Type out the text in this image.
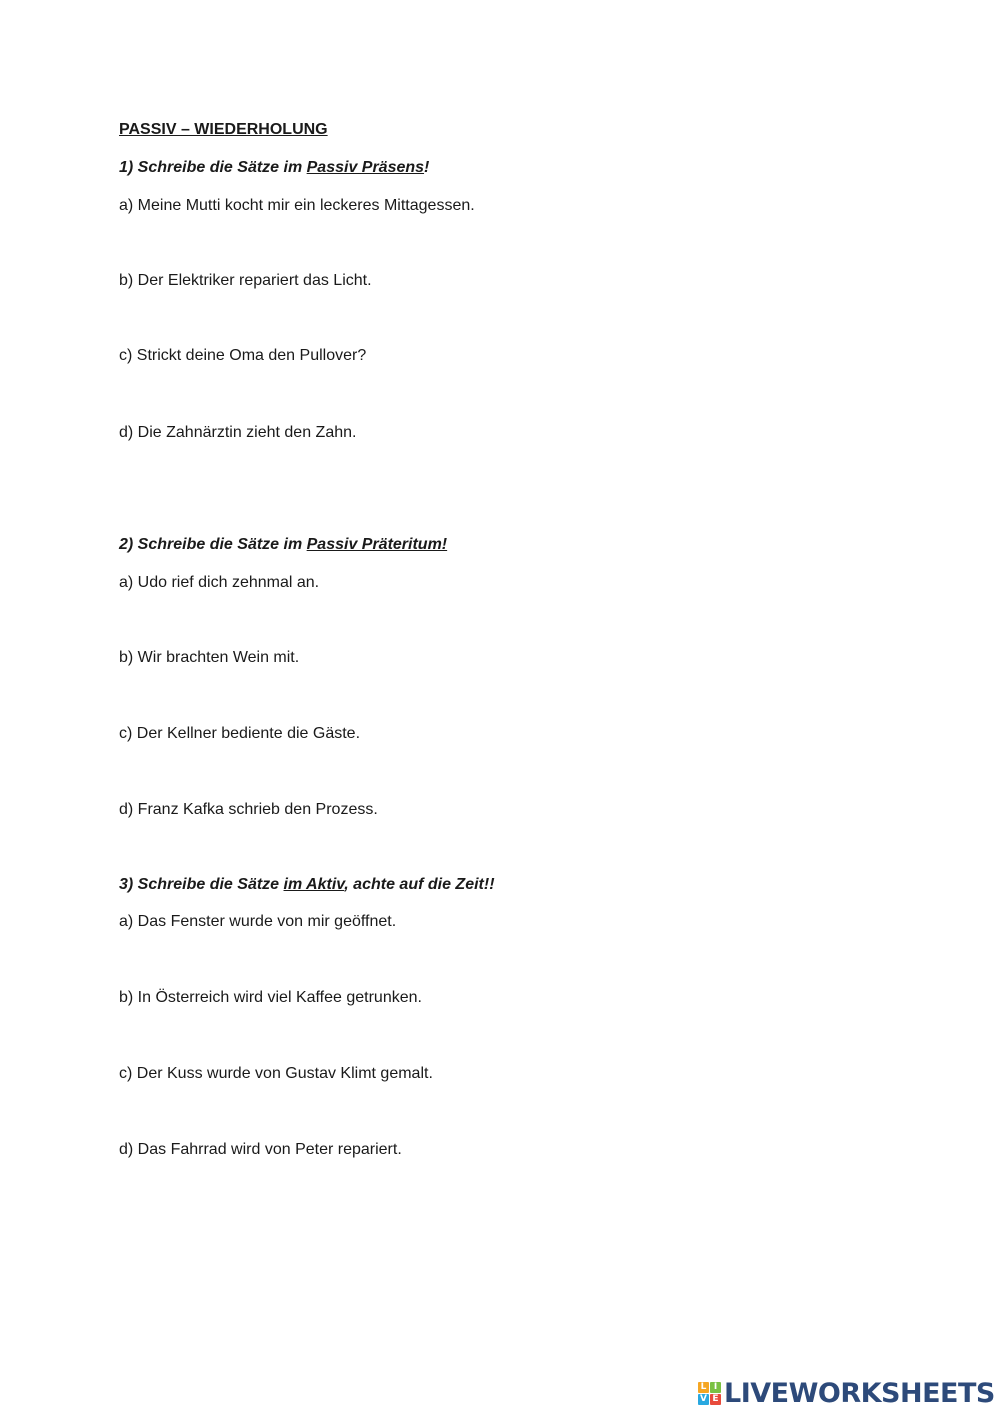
PASSIV – WIEDERHOLUNG
1) Schreibe die Sätze im Passiv Präsens!
a) Meine Mutti kocht mir ein leckeres Mittagessen.
b) Der Elektriker repariert das Licht.
c) Strickt deine Oma den Pullover?
d) Die Zahnärztin zieht den Zahn.
2) Schreibe die Sätze im Passiv Präteritum!
a) Udo rief dich zehnmal an.
b) Wir brachten Wein mit.
c) Der Kellner bediente die Gäste.
d) Franz Kafka schrieb den Prozess.
3) Schreibe die Sätze im Aktiv, achte auf die Zeit!!
a) Das Fenster wurde von mir geöffnet.
b) In Österreich wird viel Kaffee getrunken.
c) Der Kuss wurde von Gustav Klimt gemalt.
d) Das Fahrrad wird von Peter repariert.
L I
V E LIVEWORKSHEETS
